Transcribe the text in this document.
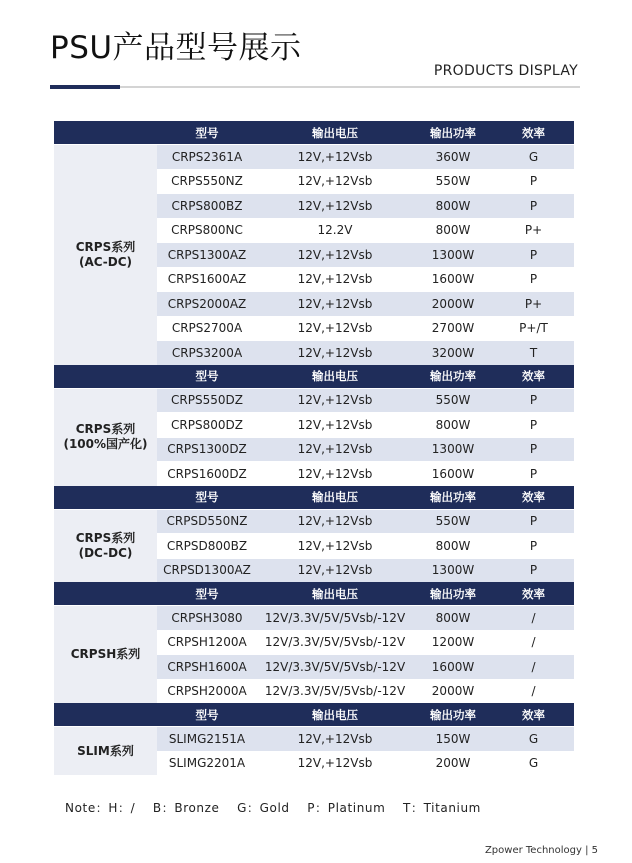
PSU产品型号展示
PRODUCTS DISPLAY
	型号	输出电压	输出功率	效率

CRPS系列
(AC-DC)	CRPS2361A	12V,+12Vsb	360W	G
	CRPS550NZ	12V,+12Vsb	550W	P
	CRPS800BZ	12V,+12Vsb	800W	P
	CRPS800NC	12.2V	800W	P+
	CRPS1300AZ	12V,+12Vsb	1300W	P
	CRPS1600AZ	12V,+12Vsb	1600W	P
	CRPS2000AZ	12V,+12Vsb	2000W	P+
	CRPS2700A	12V,+12Vsb	2700W	P+/T
	CRPS3200A	12V,+12Vsb	3200W	T
	型号	输出电压	输出功率	效率

CRPS系列
(100%国产化)	CRPS550DZ	12V,+12Vsb	550W	P
	CRPS800DZ	12V,+12Vsb	800W	P
	CRPS1300DZ	12V,+12Vsb	1300W	P
	CRPS1600DZ	12V,+12Vsb	1600W	P
	型号	输出电压	输出功率	效率

CRPS系列
(DC-DC)	CRPSD550NZ	12V,+12Vsb	550W	P
	CRPSD800BZ	12V,+12Vsb	800W	P
	CRPSD1300AZ	12V,+12Vsb	1300W	P
	型号	输出电压	输出功率	效率

CRPSH系列	CRPSH3080	12V/3.3V/5V/5Vsb/-12V	800W	/
	CRPSH1200A	12V/3.3V/5V/5Vsb/-12V	1200W	/
	CRPSH1600A	12V/3.3V/5V/5Vsb/-12V	1600W	/
	CRPSH2000A	12V/3.3V/5V/5Vsb/-12V	2000W	/
	型号	输出电压	输出功率	效率

SLIM系列	SLIMG2151A	12V,+12Vsb	150W	G
	SLIMG2201A	12V,+12Vsb	200W	G
Note：H：/    B：Bronze    G：Gold    P：Platinum    T：Titanium
Zpower Technology | 5
